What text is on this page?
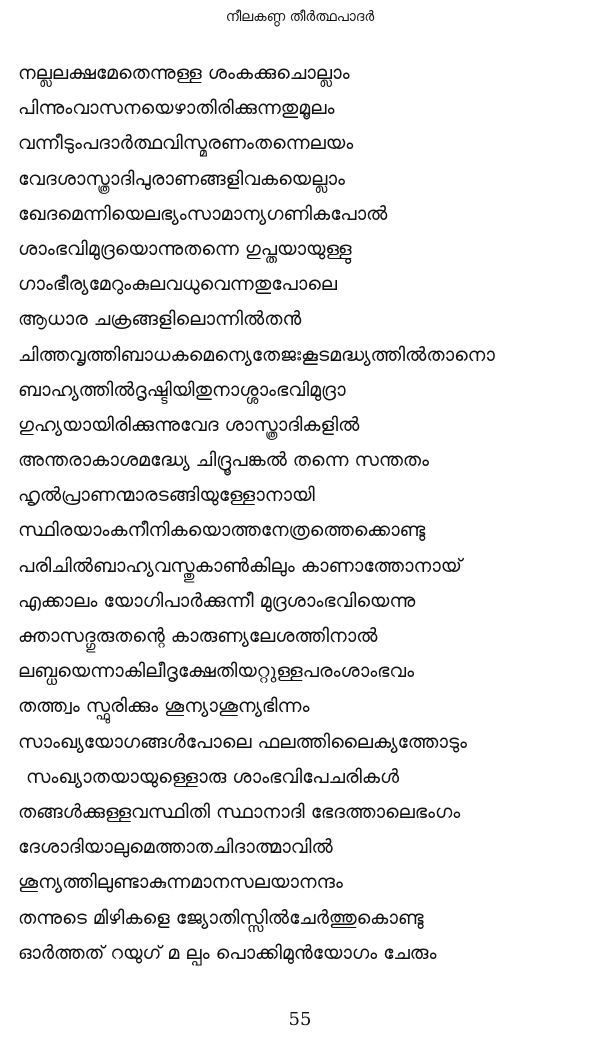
നീലകണ്ഠ തീർത്ഥപാദർ
നല്ലലക്ഷമേതെന്നുള്ള ശംകക്കുചൊല്ലാം
പിന്നുംവാസനയെഴാതിരിക്കുന്നതുമൂലം
വന്നീടുംപദാർത്ഥവിസ്മരണംതന്നെലയം
വേദശാസ്ത്രാദിപുരാണങ്ങളിവകയെല്ലാം
ഖേദമെന്നിയെലഭ്യംസാമാന്യഗണികപോൽ
ശാംഭവിമുദ്രയൊന്നുതന്നെ ഗുപ്തയായുള്ളു
ഗാംഭീര്യമേറുംകുലവധുവെന്നതുപോലെ
ആധാര ചക്രങ്ങളിലൊന്നിൽതൻ
ചിത്തവൃത്തിബാധകമെന്യെതേജഃകൂടമദ്ധ്യത്തിൽതാനൊ
ബാഹ്യത്തിൽദൃഷ്ടിയിതുനാശ്ശാംഭവിമുദ്രാ
ഗുഹ്യയായിരിക്കുന്നുവേദ ശാസ്ത്രാദികളിൽ
അന്തരാകാശമദ്ധ്യേ ചിദ്രൂപങ്കൽ തന്നെ സന്തതം
ഹൃൽപ്രാണന്മാരടങ്ങിയുള്ളോനായി
സ്ഥിരയാംകനീനികയൊത്തനേത്രത്തെക്കൊണ്ടു
പരിചിൽബാഹ്യവസ്തുകാൺകിലും കാണാത്തോനായ്
എക്കാലം യോഗിപാർക്കുന്നീ മുദ്രശാംഭവിയെന്നു
ക്താസദ്ഗുരുതന്റെ കാരുണ്യലേശത്തിനാൽ
ലബ്ധയെന്നാകിലീദൃക്ഷേതിയറ്റുള്ളപരംശാംഭവം
തത്ത്വം സ്ഫുരിക്കും ശൂന്യാശൂന്യഭിന്നം
സാംഖ്യയോഗങ്ങൾപോലെ ഫലത്തിലൈക്യത്തോടും
സംഖ്യാതയായുള്ളൊരു ശാംഭവിപേചരികൾ
തങ്ങൾക്കുള്ളവസ്ഥിതി സ്ഥാനാദി ഭേദത്താലെഭംഗം
ദേശാദിയാലുമെത്താതചിദാത്മാവിൽ
ശൂന്യത്തിലുണ്ടാകുന്നമാനസലയാനന്ദം
തന്നുടെ മിഴികളെ ജ്യോതിസ്സിൽചേർത്തുകൊണ്ടു
ഓർത്തത് റയുഗ് മ ല്പം പൊക്കിമുൻയോഗം ചേരും
55
